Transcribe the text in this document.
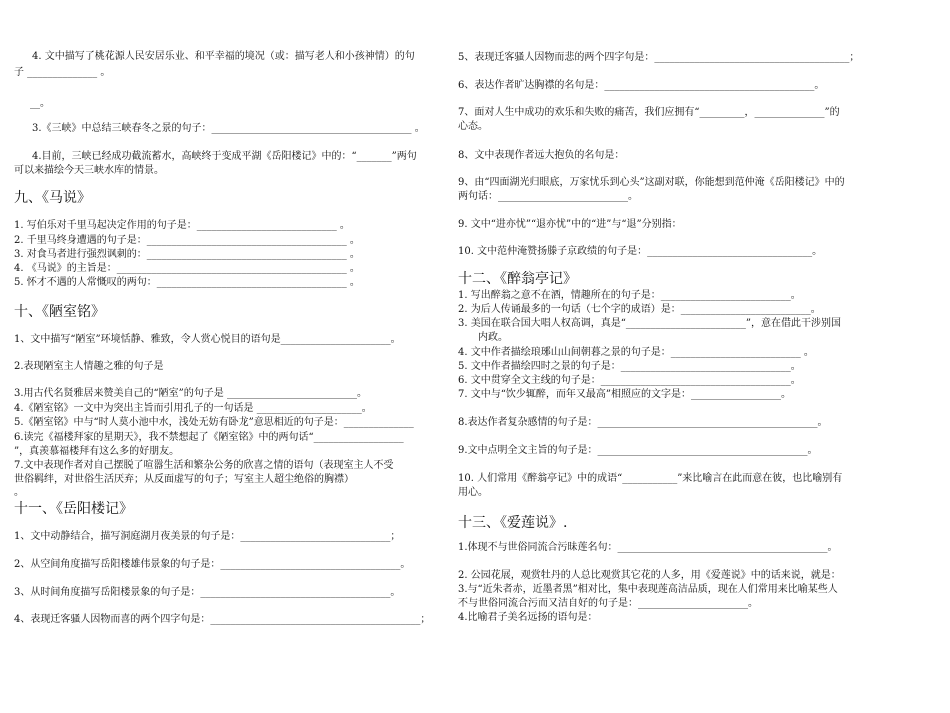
4. 文中描写了桃花源人民安居乐业、和平幸福的境况（或：描写老人和小孩神情）的句
子 ______________ 。
__。
3.《三峡》中总结三峡春冬之景的句子：________________________________________ 。
4.目前，三峡已经成功截流蓄水，高峡终于变成平湖《岳阳楼记》中的：“_______”两句
可以来描绘今天三峡水库的情景。
九、《马说》
1. 写伯乐对千里马起决定作用的句子是：____________________________ 。
2. 千里马终身遭遇的句子是：________________________________________ 。
3. 对食马者进行强烈讽刺的：________________________________________ 。
4. 《马说》的主旨是：______________________________________________ 。
5. 怀才不遇的人常慨叹的两句：______________________________________ 。
十、《陋室铭》
1、文中描写“陋室”环境恬静、雅致，令人赏心悦目的语句是______________________。
2.表现陋室主人情趣之雅的句子是
3.用古代名贤雅居来赞美自己的“陋室”的句子是 __________________________。
4.《陋室铭》一文中为突出主旨而引用孔子的一句话是 _____________________。
5.《陋室铭》中与“时人莫小池中水，浅处无妨有卧龙”意思相近的句子是：______________
6.读完《福楼拜家的星期天》，我不禁想起了《陋室铭》中的两句话“__________________
”，真羡慕福楼拜有这么多的好朋友。
7.文中表现作者对自己摆脱了喧嚣生活和繁杂公务的欣喜之情的语句（表现室主人不受
世俗羁绊，对世俗生活厌弃；从反面虚写的句子；写室主人超尘绝俗的胸襟）
。
十一、《岳阳楼记》
1、文中动静结合，描写洞庭湖月夜美景的句子是：______________________________；
2、从空间角度描写岳阳楼雄伟景象的句子是：____________________________________。
3、从时间角度描写岳阳楼景象的句子是：______________________________________。
4、表现迁客骚人因物而喜的两个四字句是：__________________________________________；
5、表现迁客骚人因物而悲的两个四字句是：_______________________________________；
6、表达作者旷达胸襟的名句是：__________________________________________。
7、面对人生中成功的欢乐和失败的痛苦，我们应拥有“_________，______________”的
心态。
8、文中表现作者远大抱负的名句是：
9、由“四面湖光归眼底，万家忧乐到心头”这副对联，你能想到范仲淹《岳阳楼记》中的
两句话：__________________________。
9. 文中“进亦忧”“退亦忧”中的“进”与“退”分别指：
10. 文中范仲淹赞扬滕子京政绩的句子是：_________________________________。
十二、《醉翁亭记》
1. 写出醉翁之意不在酒，情趣所在的句子是：__________________________。
2. 为后人传诵最多的一句话（七个字的成语）是：__________________________。
3. 美国在联合国大唱人权高调，真是“________________________”，意在借此干涉别国
内政。
4. 文中作者描绘琅琊山山间朝暮之景的句子是：__________________________ 。
5. 文中作者描绘四时之景的句子是：__________________________________。
6. 文中贯穿全文主线的句子是：______________________________________。
7. 文中与“饮少辄醉，而年又最高”相照应的文字是：__________________。
8.表达作者复杂感情的句子是：____________________________________________。
9.文中点明全文主旨的句子是：__________________________________________。
10. 人们常用《醉翁亭记》中的成语“___________”来比喻言在此而意在彼，也比喻别有
用心。
十三、《爱莲说》.
1.体现不与世俗同流合污昧莲名句：__________________________________________。
2. 公园花展，观赏牡丹的人总比观赏其它花的人多，用《爱莲说》中的话来说，就是：
3.与“近朱者赤，近墨者黑”相对比，集中表现莲高洁品质，现在人们常用来比喻某些人
不与世俗同流合污而又洁自好的句子是：______________________。
4.比喻君子美名远扬的语句是：
